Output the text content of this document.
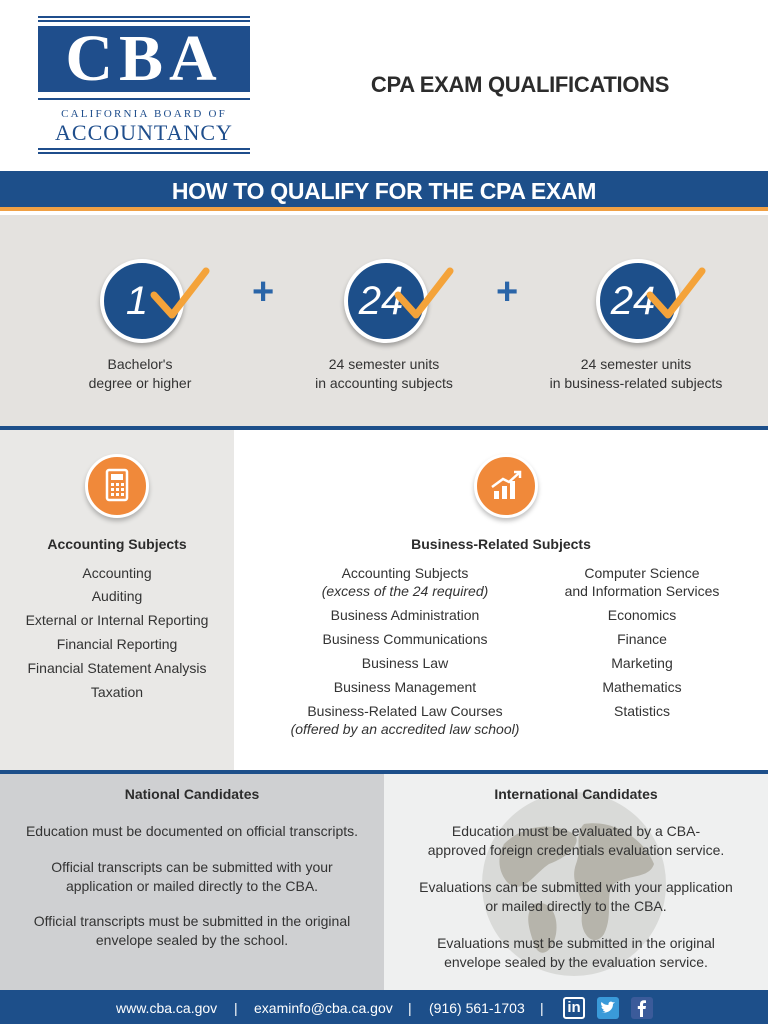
CBA
CALIFORNIA BOARD OF
ACCOUNTANCY
CPA EXAM QUALIFICATIONS
HOW TO QUALIFY FOR THE CPA EXAM
1
Bachelor's
degree or higher
+	24
24 semester units
in accounting subjects
+	24
24 semester units
in business-related subjects
Accounting Subjects
Accounting
Auditing
External or Internal Reporting
Financial Reporting
Financial Statement Analysis
Taxation
Business-Related Subjects
Accounting Subjects
(excess of the 24 required)
Business Administration
Business Communications
Business Law
Business Management
Business-Related Law Courses
(offered by an accredited law school)
Computer Science
and Information Services
Economics
Finance
Marketing
Mathematics
Statistics
National Candidates
Education must be documented on official transcripts.
Official transcripts can be submitted with your
application or mailed directly to the CBA.
Official transcripts must be submitted in the original
envelope sealed by the school.
International Candidates
Education must be evaluated by a CBA-
approved foreign credentials evaluation service.
Evaluations can be submitted with your application
or mailed directly to the CBA.
Evaluations must be submitted in the original
envelope sealed by the evaluation service.
www.cba.ca.gov | examinfo@cba.ca.gov | (916) 561-1703 | in
